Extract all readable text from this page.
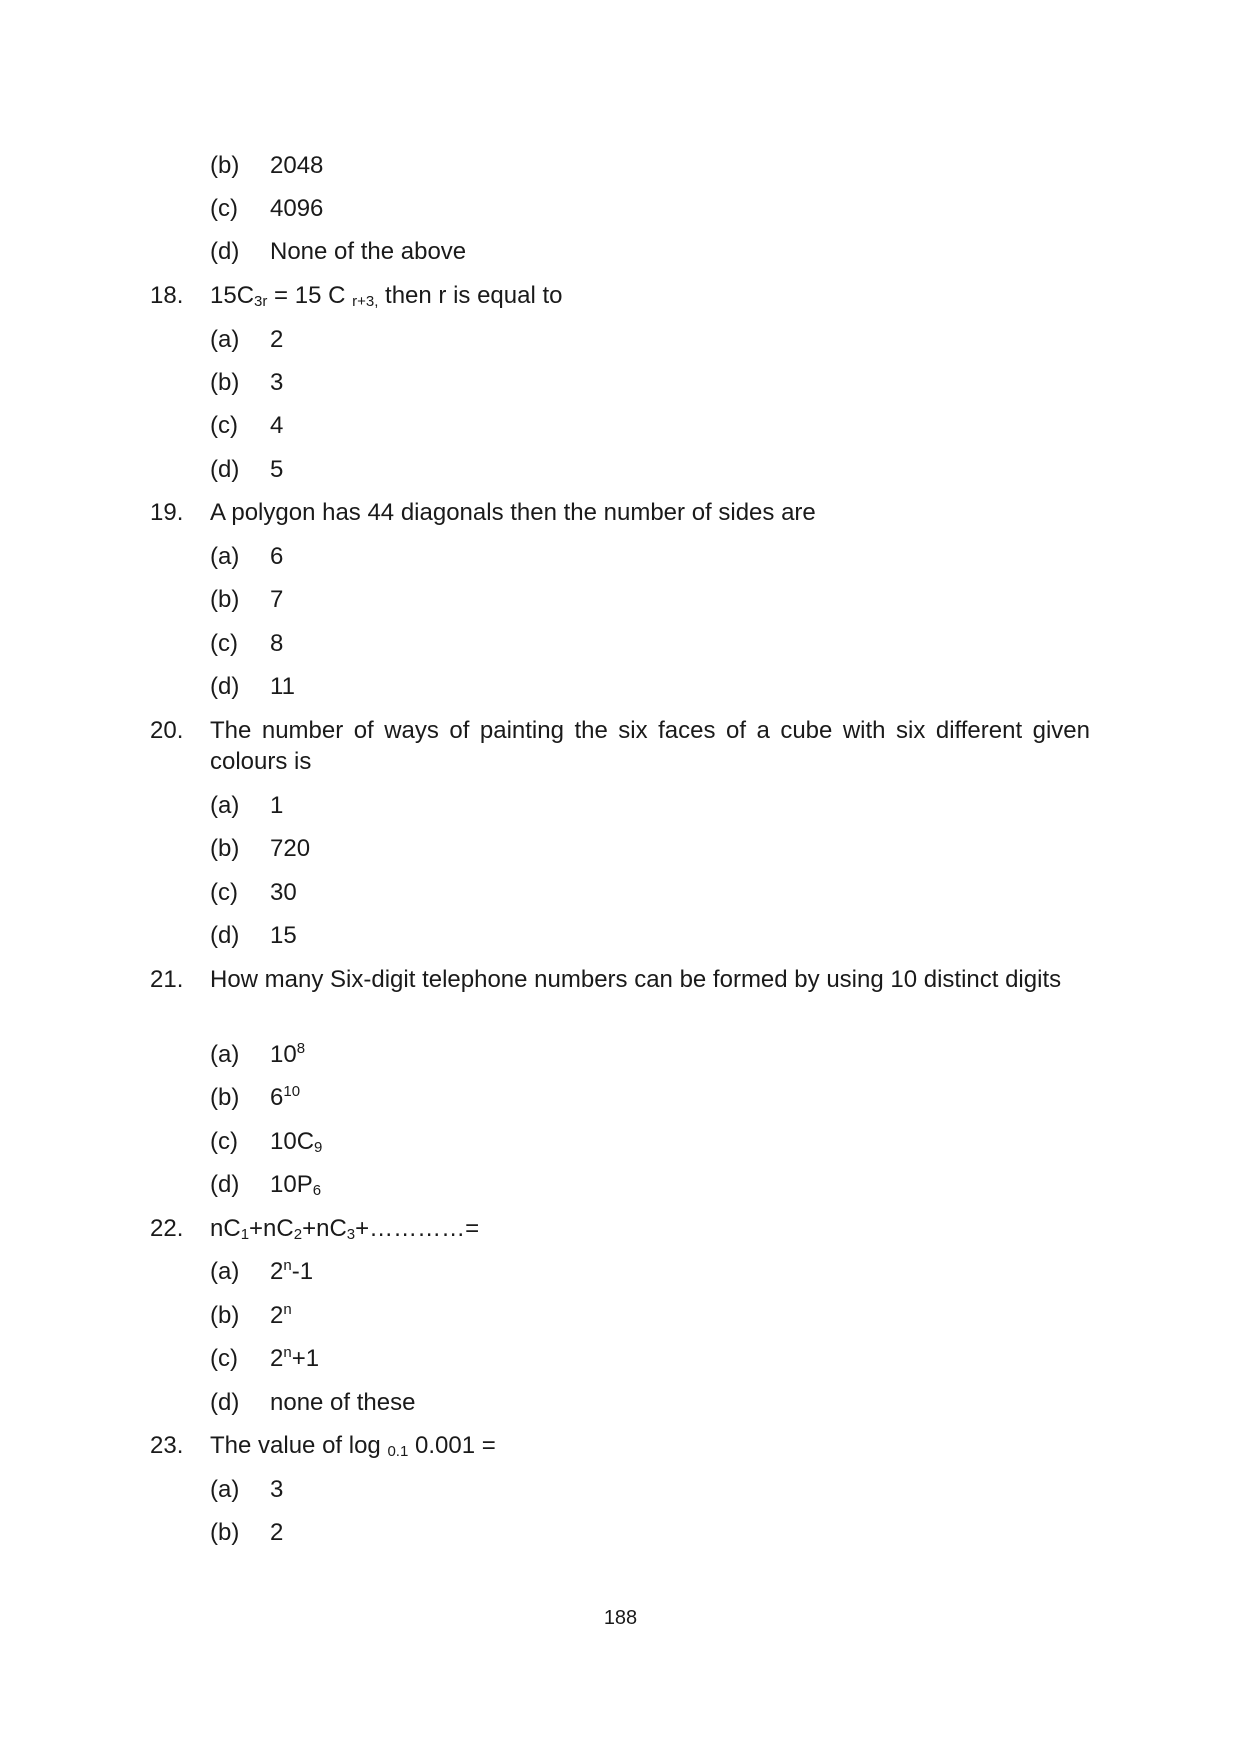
(b) 2048
(c) 4096
(d) None of the above
18. $15C_{3r} = 15$ C $_{r+3,}$ then r is equal to
(a) 2
(b) 3
(c) 4
(d) 5
19. A polygon has 44 diagonals then the number of sides are
(a) 6
(b) 7
(c) 8
(d) 11
20. The number of ways of painting the six faces of a cube with six different given colours is
(a) 1
(b) 720
(c) 30
(d) 15
21. How many Six-digit telephone numbers can be formed by using 10 distinct digits
(a) $10^8$
(b) $6^{10}$
(c) $10C_9$
(d) $10P_6$
22. $nC_1+nC_2+nC_3+\dots\dots\dots\dots=$
(a) 2$^n$-1
(b) 2$^n$
(c) $2^n+1$
(d) none of these
23. The value of log $_{0.1}$ 0.001 =
(a) 3
(b) 2
188
